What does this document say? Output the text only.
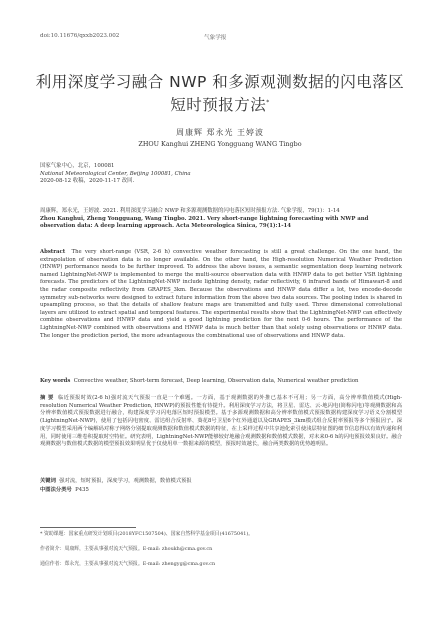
doi:10.11676/qxxb2023.002	气象学报
利用深度学习融合 NWP 和多源观测数据的闪电落区
短时预报方法*
周康辉 郑永光 王婷波
ZHOU Kanghui ZHENG Yongguang WANG Tingbo
国家气象中心，北京，100081
National Meteorological Center, Beijing 100081, China
2020-08-12 收稿，2020-11-17 改回.
周康辉，郑永光，王婷波. 2021. 利用深度学习融合 NWP 和多源观测数据的闪电落区短时预报方法. 气象学报，79(1)：1-14
Zhou Kanghui, Zheng Yongguang, Wang Tingbo. 2021. Very short-range lightning forecasting with NWP and observation data: A deep learning approach. Acta Meteorologica Sinica, 79(1):1-14
Abstract The very short-range (VSR, 2-6 h) convective weather forecasting is still a great challenge. On the one hand, the extrapolation of observation data is no longer available. On the other hand, the High-resolution Numerical Weather Prediction (HNWP) performance needs to be further improved. To address the above issues, a semantic segmentation deep learning network named LightningNet-NWP is implemented to merge the multi-source observation data with HNWP data to get better VSR lightning forecasts. The predictors of the LightningNet-NWP include lightning density, radar reflectivity, 6 infrared bands of Himawari-8 and the radar composite reflectivity from GRAPES_3km. Because the observations and HNWP data differ a lot, two encode-decode symmetry sub-networks were designed to extract future information from the above two data sources. The pooling index is shared in upsampling process, so that the details of shallow feature maps are transmitted and fully used. Three dimensional convolutional layers are utilized to extract spatial and temporal features. The experimental results show that the LightningNet-NWP can effectively combine observations and HNWP data and yield a good lightning prediction for the next 0-6 hours. The performance of the LightningNet-NWP combined with observations and HNWP data is much better than that solely using observations or HNWP data. The longer the prediction period, the more advantageous the combinational use of observations and HNWP data.
Key words Convective weather, Short-term forecast, Deep learning, Observation data, Numerical weather prediction
摘 要 临近预报时效(2-6 h)强对流天气预报一直是一个难题。一方面，基于观测数据的外推已基本不可用；另一方面，高分辨率数值模式(High-resolution Numerical Weather Prediction, HNWP)的预报性能有待提升。利用深度学习方法，将卫星、雷达、云-地闪电(简称闪电)等观测数据和高分辨率数值模式预报数据进行融合，构建深度学习闪电落区短时预报模型。基于多源观测数据和高分辨率数值模式预报数据构建深度学习语义分割模型(LightningNet-NWP)，使用了包括闪电密度、雷达组合反射率、葵花8号卫星6个红外通道以及GRAPES_3km模式组合反射率预报等多个预报因子。深度学习模型采用两个编解码对称子网络分别提取观测数据和数值模式数据的特征，在上采样过程中共享池化索引使浅层特征图的细节信息得以有效传递和利用，同时使用三维卷积提取时空特征。研究表明，LightningNet-NWP能够较好地融合观测数据和数值模式数据，对未来0-6 h的闪电预报效果良好。融合观测数据与数值模式数据的模型预报效果明显优于仅使用单一数据来源的模型，预报时效越长，融合两类数据的优势越明显。
关键词 强对流，短时预报，深度学习，观测数据，数值模式预报
中图法分类号 P435
* 资助课题：国家重点研发计划项目(2018YFC1507504)、国家自然科学基金项目(41675041)。
作者简介：周康辉，主要从事强对流天气预报。E-mail: zhoukh@cma.gov.cn
通信作者：郑永光，主要从事强对流天气预报。E-mail: zhengyg@cma.gov.cn
